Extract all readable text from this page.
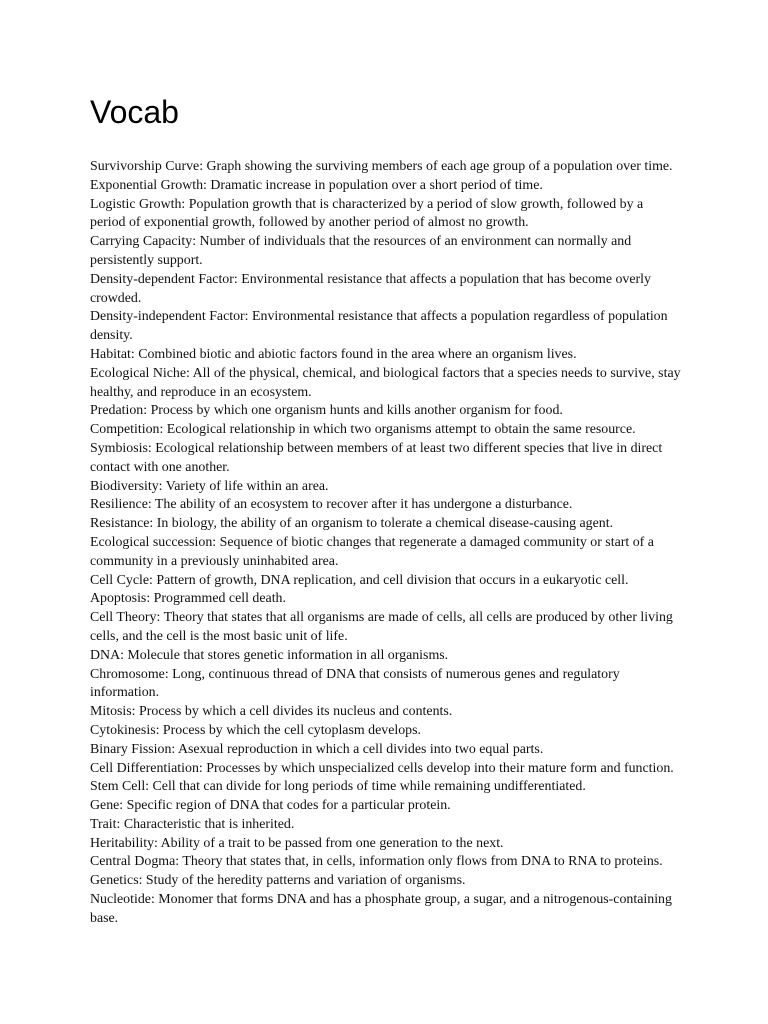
Vocab
Survivorship Curve: Graph showing the surviving members of each age group of a population over time.
Exponential Growth: Dramatic increase in population over a short period of time.
Logistic Growth: Population growth that is characterized by a period of slow growth, followed by a period of exponential growth, followed by another period of almost no growth.
Carrying Capacity: Number of individuals that the resources of an environment can normally and persistently support.
Density-dependent Factor: Environmental resistance that affects a population that has become overly crowded.
Density-independent Factor: Environmental resistance that affects a population regardless of population density.
Habitat: Combined biotic and abiotic factors found in the area where an organism lives.
Ecological Niche: All of the physical, chemical, and biological factors that a species needs to survive, stay healthy, and reproduce in an ecosystem.
Predation: Process by which one organism hunts and kills another organism for food.
Competition: Ecological relationship in which two organisms attempt to obtain the same resource.
Symbiosis: Ecological relationship between members of at least two different species that live in direct contact with one another.
Biodiversity: Variety of life within an area.
Resilience: The ability of an ecosystem to recover after it has undergone a disturbance.
Resistance: In biology, the ability of an organism to tolerate a chemical disease-causing agent.
Ecological succession: Sequence of biotic changes that regenerate a damaged community or start of a community in a previously uninhabited area.
Cell Cycle: Pattern of growth, DNA replication, and cell division that occurs in a eukaryotic cell.
Apoptosis: Programmed cell death.
Cell Theory: Theory that states that all organisms are made of cells, all cells are produced by other living cells, and the cell is the most basic unit of life.
DNA: Molecule that stores genetic information in all organisms.
Chromosome: Long, continuous thread of DNA that consists of numerous genes and regulatory information.
Mitosis: Process by which a cell divides its nucleus and contents.
Cytokinesis: Process by which the cell cytoplasm develops.
Binary Fission: Asexual reproduction in which a cell divides into two equal parts.
Cell Differentiation: Processes by which unspecialized cells develop into their mature form and function.
Stem Cell: Cell that can divide for long periods of time while remaining undifferentiated.
Gene: Specific region of DNA that codes for a particular protein.
Trait: Characteristic that is inherited.
Heritability: Ability of a trait to be passed from one generation to the next.
Central Dogma: Theory that states that, in cells, information only flows from DNA to RNA to proteins.
Genetics: Study of the heredity patterns and variation of organisms.
Nucleotide: Monomer that forms DNA and has a phosphate group, a sugar, and a nitrogenous-containing base.
